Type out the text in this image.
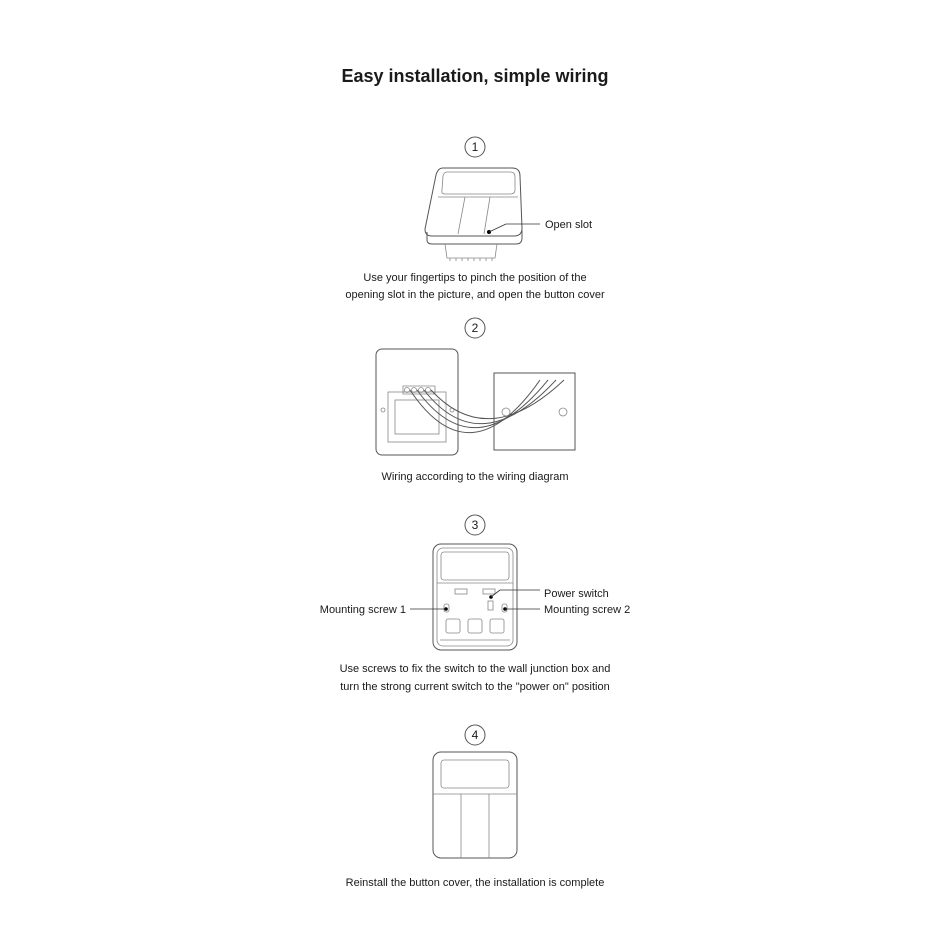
Easy installation, simple wiring
1
Open slot
Use your fingertips to pinch the position of the
opening slot in the picture, and open the button cover
2
Wiring according to the wiring diagram
3
Power switch
Mounting screw 1	Mounting screw 2
Use screws to fix the switch to the wall junction box and
turn the strong current switch to the "power on" position
4
Reinstall the button cover, the installation is complete
